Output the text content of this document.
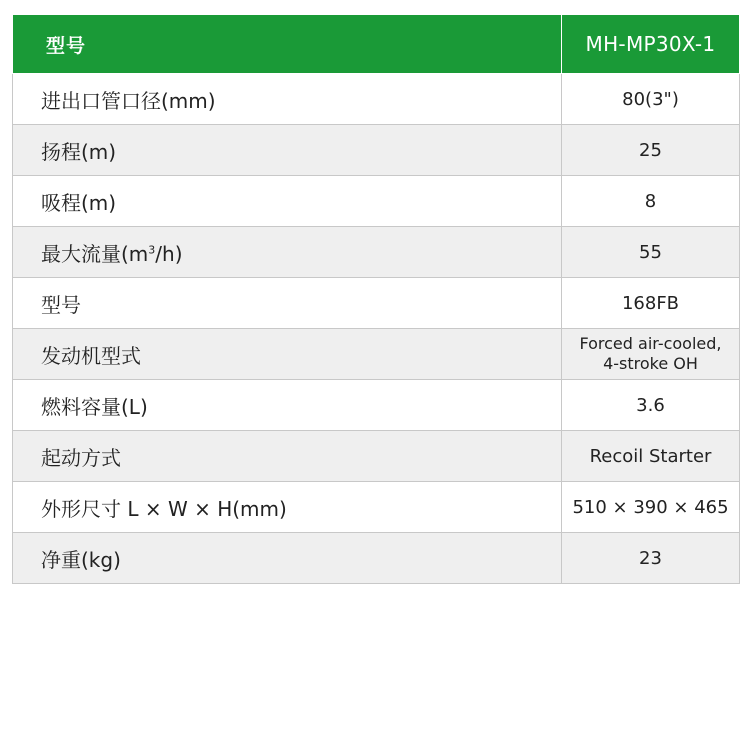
型号	MH-MP30X-1
进出口管口径(mm)	80(3")
扬程(m)	25
吸程(m)	8
最大流量$(m^3/h)$	55
型号	168FB
发动机型式	Forced air-cooled,
4-stroke OH

燃料容量(L)	3.6
起动方式	Recoil Starter
外形尺寸 L × W × H(mm)	510 × 390 × 465
净重(kg)	23
